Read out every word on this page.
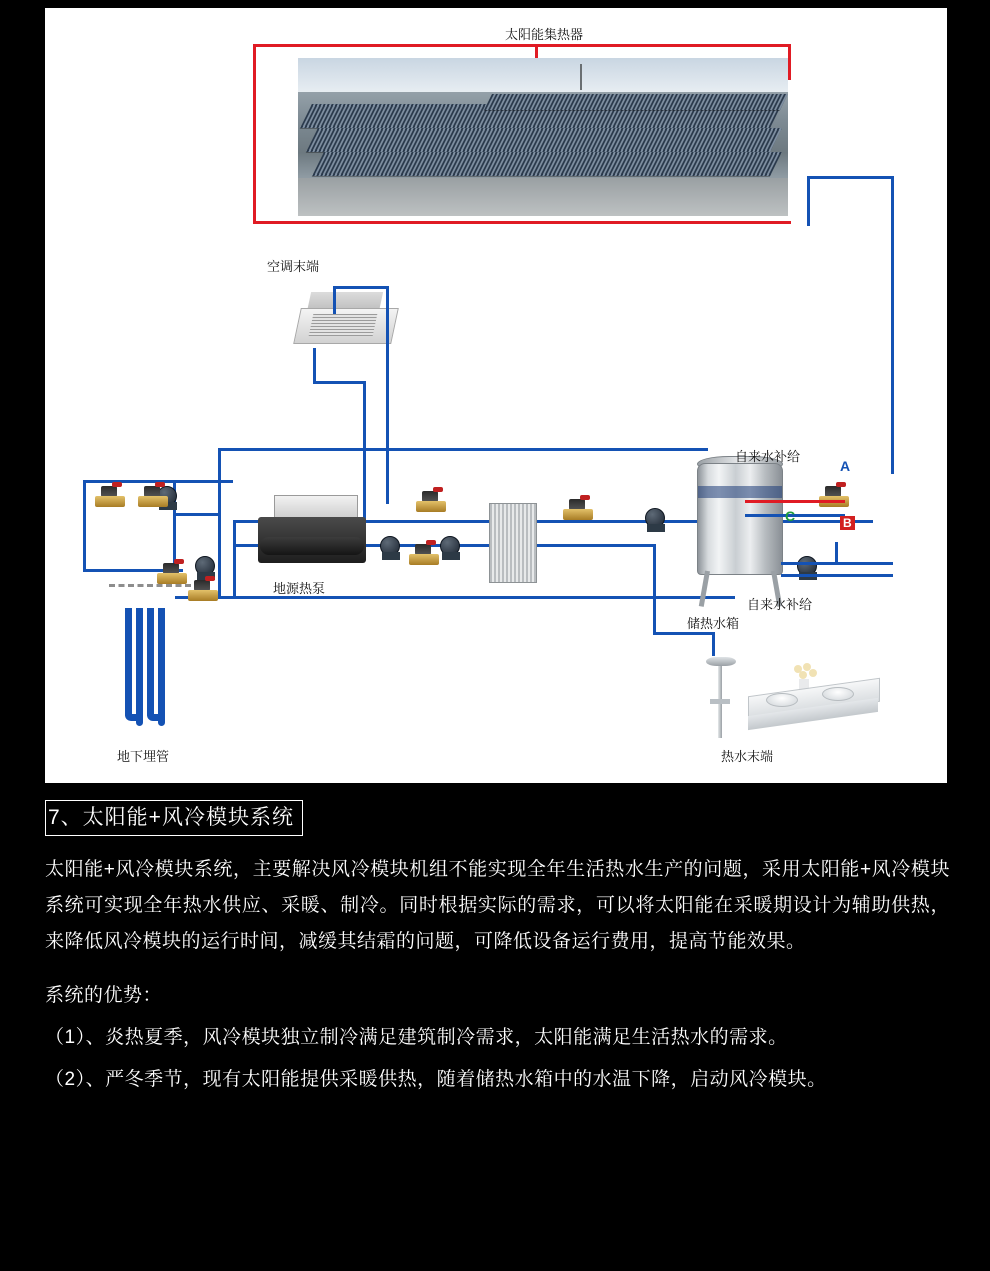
太阳能集热器
空调末端
地下埋管
地源热泵
储热水箱
自来水补给
自来水补给
A
C	B
热水末端
7、太阳能+风冷模块系统

太阳能+风冷模块系统，主要解决风冷模块机组不能实现全年生活热水生产的问题，采用太阳能+风冷模块系统可实现全年热水供应、采暖、制冷。同时根据实际的需求，可以将太阳能在采暖期设计为辅助供热，来降低风冷模块的运行时间，减缓其结霜的问题，可降低设备运行费用，提高节能效果。

系统的优势：

（1）、炎热夏季，风冷模块独立制冷满足建筑制冷需求，太阳能满足生活热水的需求。

（2）、严冬季节，现有太阳能提供采暖供热，随着储热水箱中的水温下降，启动风冷模块。
